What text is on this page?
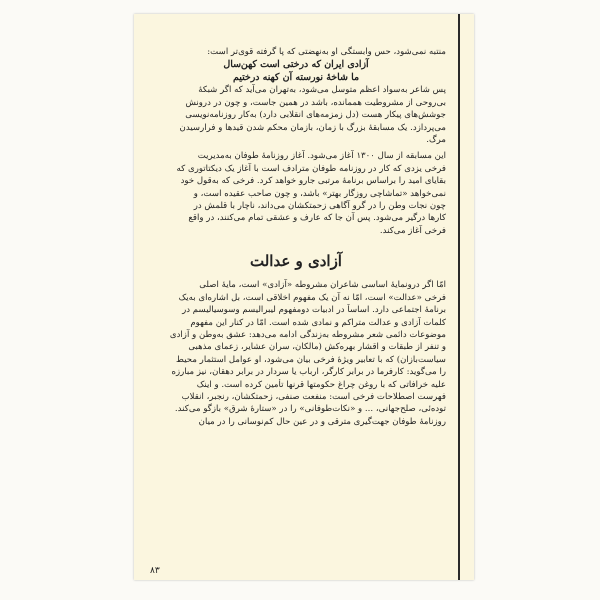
منتبه نمی‌شود، حس وابستگی او به‌نهضتی که پا گرفته قوی‌تر است:
آزادی ایران که درختی است کهن‌سال
ما شاخهٔ نورسته آن کهنه درختیم
پس شاعر به‌سواد اعظم متوسل می‌شود، به‌تهران می‌آید که اگر شبکهٔ
بی‌روحی از مشروطیت هممانده، باشد در همین جاست، و چون در درونش
جوشش‌های پیکار هست (دل زمزمه‌های انقلابی دارد) به‌کار روزنامه‌نویسی
می‌پردازد. یک مسابقهٔ بزرگ با زمان، بازمان محکم شدن قیدها و فرارسیدن
مرگ.
این مسابقه از سال ۱۳۰۰ آغاز می‌شود. آغاز روزنامهٔ طوفان به‌مدیریت
فرخی یزدی که کار در روزنامه طوفان مترادف است با آغاز یک دیکتاتوری که
بقایای امید را براساس برنامهٔ مرتبی جارو خواهد کرد. فرخی که به‌قول خود
نمی‌خواهد «تماشاچی روزگار بهتر» باشد، و چون صاحب عقیده است، و
چون نجات وطن را در گرو آگاهی زحمتکشان می‌داند، ناچار با قلمش در
کارها درگیر می‌شود. پس آن جا که عارف و عشقی تمام می‌کنند، در واقع
فرخی آغاز می‌کند.
آزادی و عدالت
امّا اگر درونمایهٔ اساسی شاعران مشروطه «آزادی» است، مایهٔ اصلی
فرخی «عدالت» است، امّا نه آن یک مفهوم اخلاقی است، بل اشاره‌ای به‌یک
برنامهٔ اجتماعی دارد. اساساً در ادبیات دومفهوم لیبرالیسم وسوسیالیسم در
کلمات آزادی و عدالت متراکم و نمادی شده است. امّا در کنار این مفهوم
موضوعات دائمی شعر مشروطه به‌زندگی ادامه می‌دهد: عشق به‌وطن و آزادی
و تنفر از طبقات و اقشار بهره‌کش (مالکان، سران عشایر، زعمای مذهبی
سیاست‌بازان) که با تعابیر ویژهٔ فرخی بیان می‌شود، او عوامل استثمار محیط
را می‌گوید: کارفرما در برابر کارگر، ارباب یا سردار در برابر دهقان، نیز مبارزه
علیه خرافاتی که با روغن چراغ حکومتها قرنها تأمین کرده است. و اینک
فهرست اصطلاحات فرخی است: منفعت صنفی، زحمتکشان، رنجبر، انقلاب
توده‌ئی، صلح‌جهانی، ... و «نکات‌طوفانی» را در «ستارهٔ شرق» بازگو می‌کند.
روزنامهٔ طوفان جهت‌گیری مترقی و در عین حال کم‌نوسانی را در میان
۸۳
